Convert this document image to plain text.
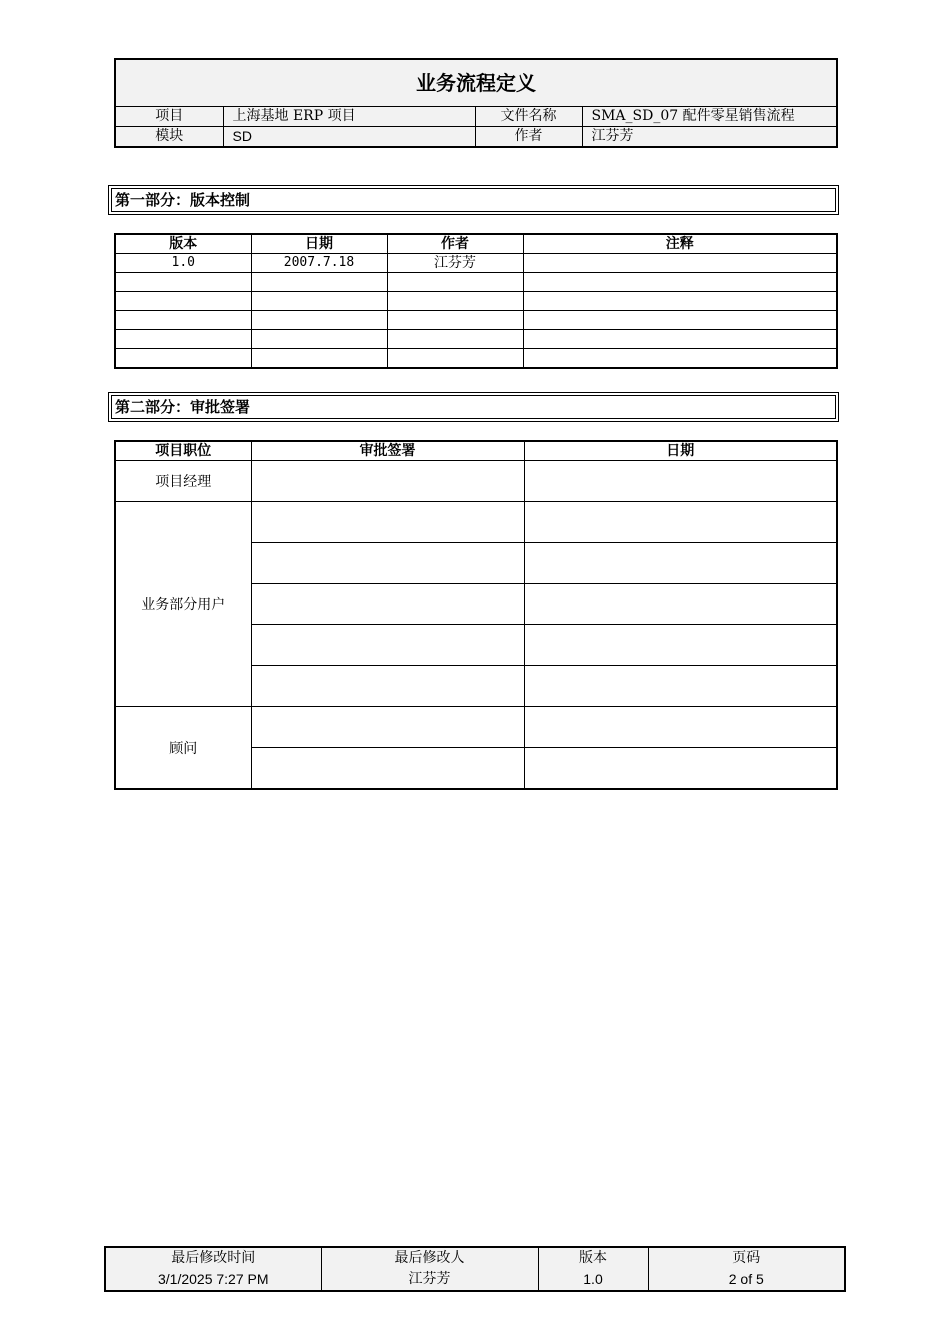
业务流程定义			
项目	上海基地 ERP 项目	文件名称	SMA_SD_07 配件零星销售流程
模块	SD	作者	江芬芳
第一部分：版本控制
版本	日期	作者	注释
1.0	2007.7.18	江芬芳	

第二部分：审批签署
项目职位	审批签署	日期
项目经理		
业务部分用户		

顾问		

最后修改时间	最后修改人	版本	页码
3/1/2025 7:27 PM	江芬芳	1.0	2 of 5
